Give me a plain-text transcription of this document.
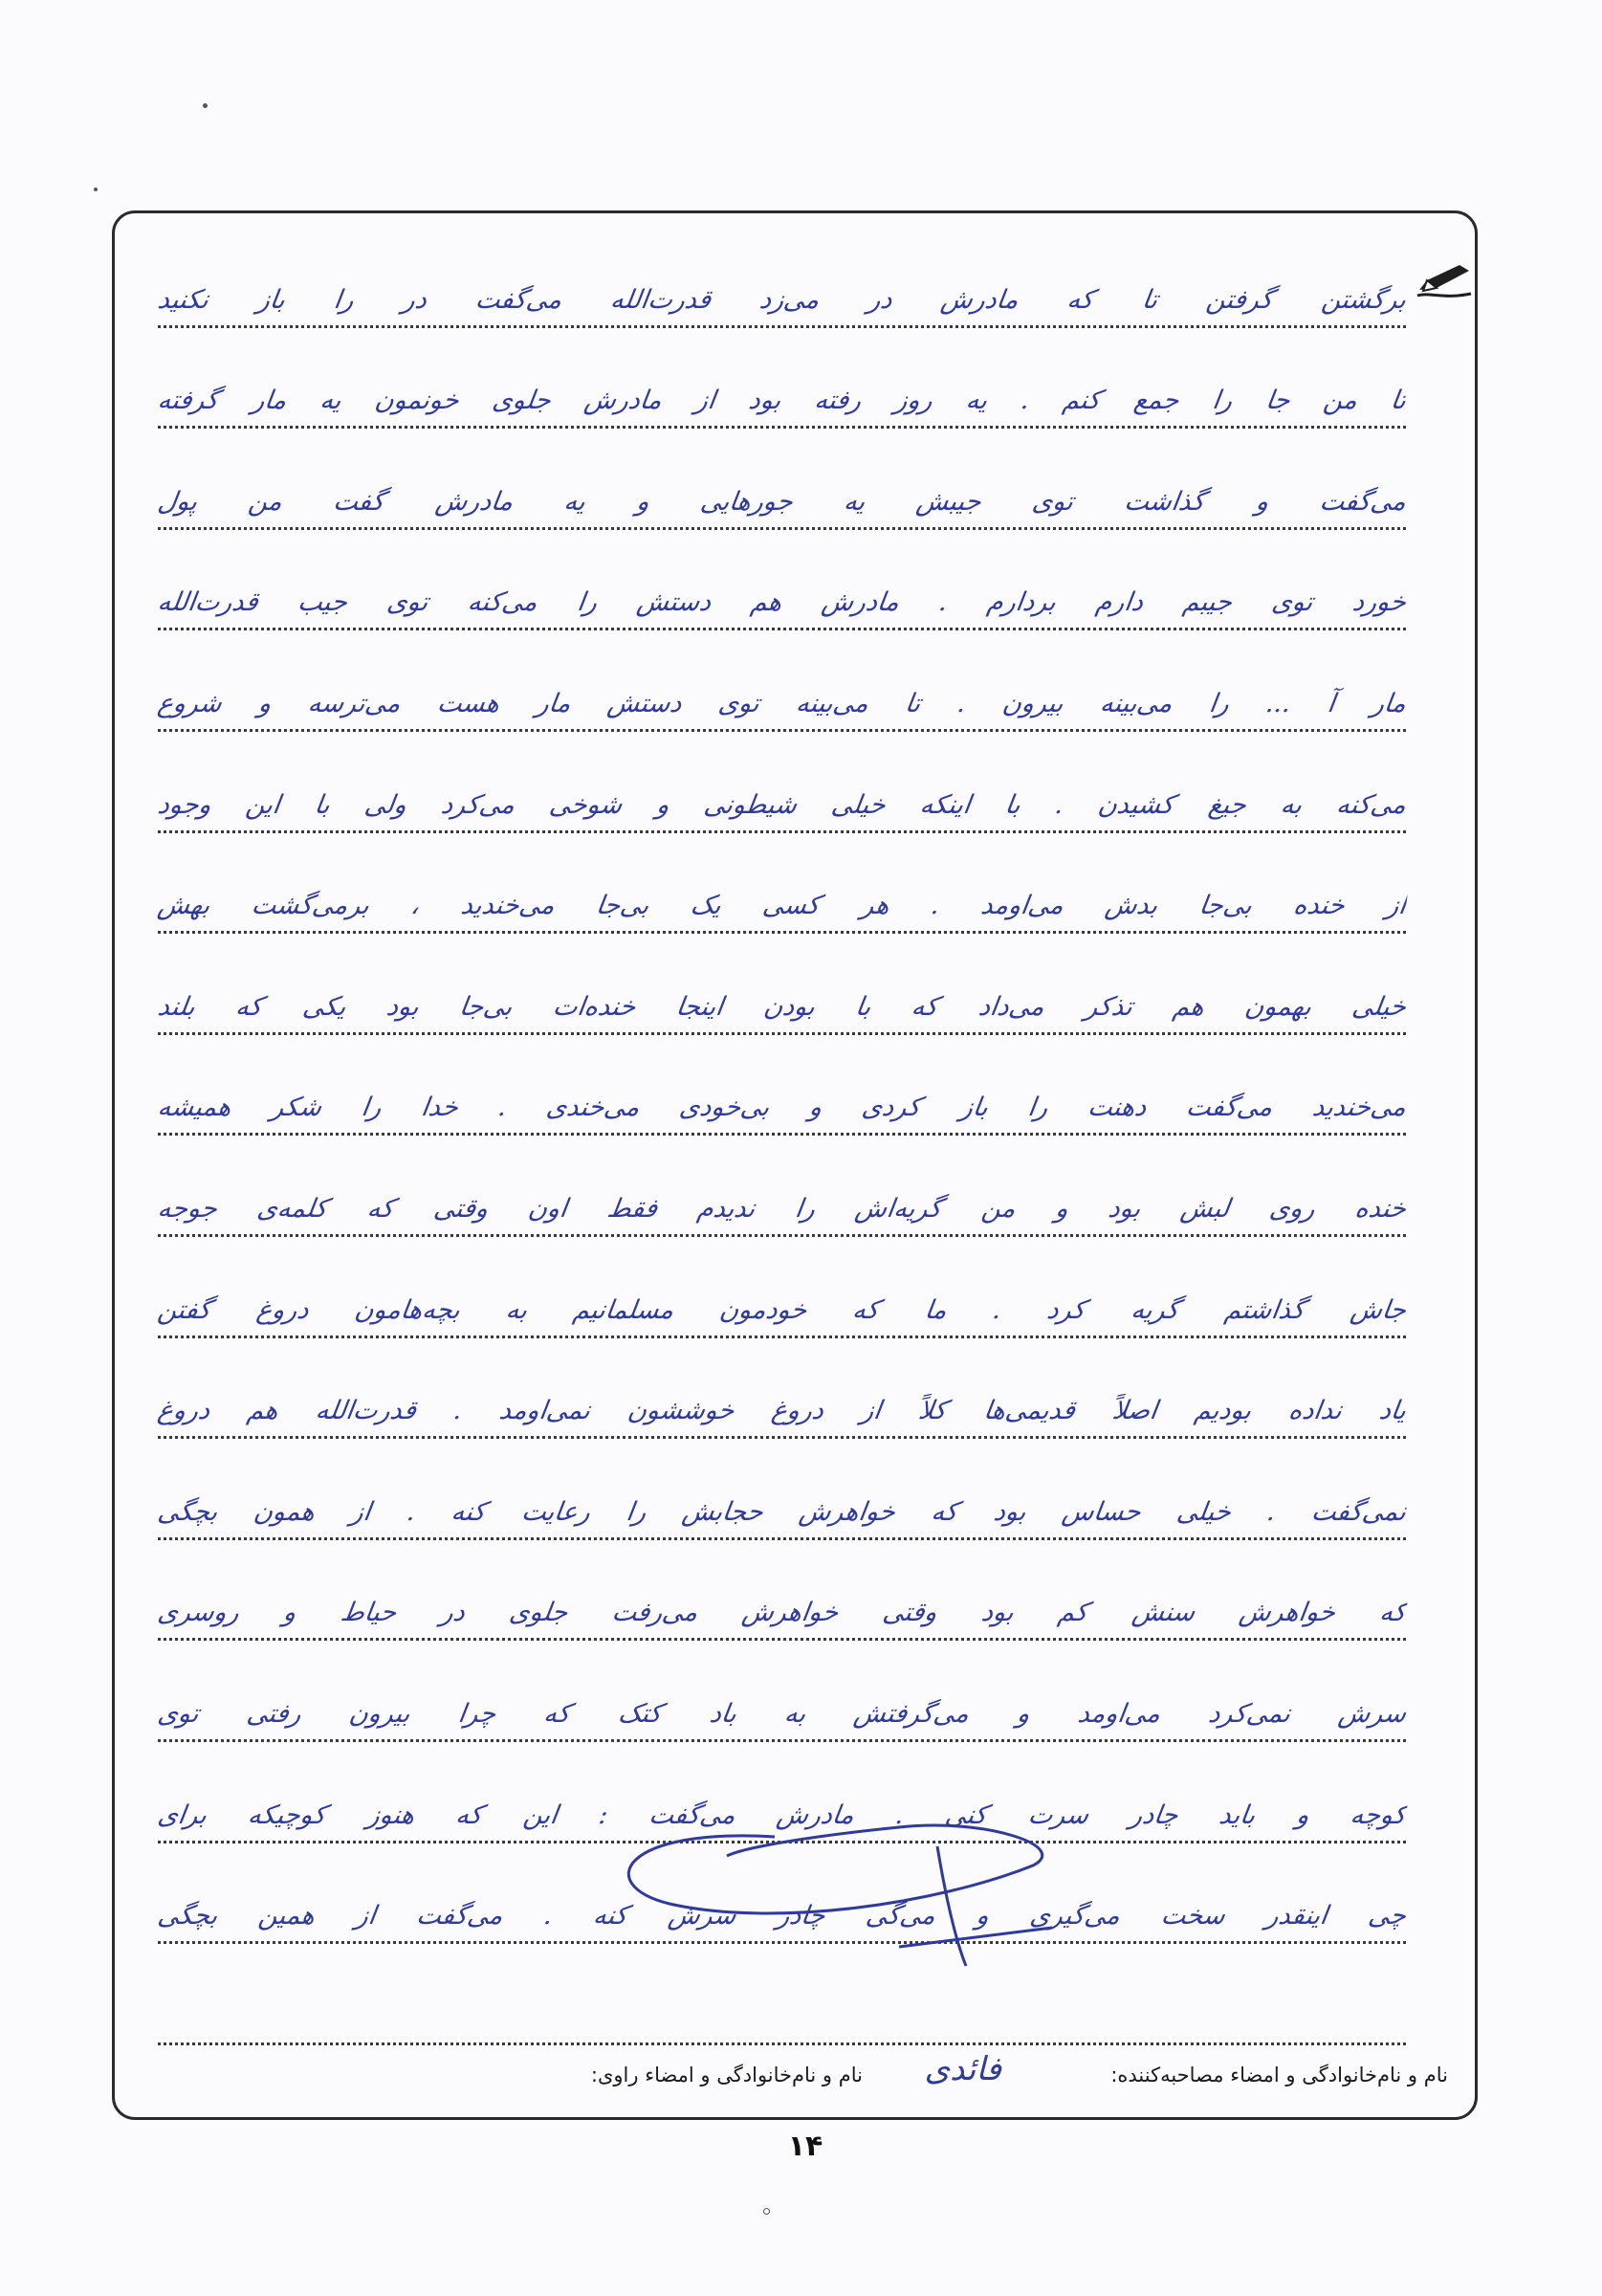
برگشتن گرفتن تا که مادرش در می‌زد قدرت‌الله می‌گفت در را باز نکنید
تا من جا را جمع کنم . یه روز رفته بود از مادرش جلوی خونمون یه مار گرفته
می‌گفت و گذاشت توی جیبش یه جورهایی و یه مادرش گفت من پول
خورد توی جیبم دارم بردارم . مادرش هم دستش را می‌کنه توی جیب قدرت‌الله
مار آ ... را می‌بینه بیرون . تا می‌بینه توی دستش مار هست می‌ترسه و شروع
می‌کنه به جیغ کشیدن . با اینکه خیلی شیطونی و شوخی می‌کرد ولی با این وجود
از خنده بی‌جا بدش می‌اومد . هر کسی یک‌ بی‌جا می‌خندید ، برمی‌گشت بهش
خیلی بهمون هم تذکر می‌داد که با بودن اینجا خنده‌ات بی‌جا بود یکی که بلند
می‌خندید می‌گفت دهنت را باز کردی و بی‌خودی می‌خندی . خدا را شکر همیشه
خنده روی لبش بود و من گریه‌اش را ندیدم فقط اون وقتی که کلمه‌ی جوجه
جاش گذاشتم گریه کرد . ما که خودمون مسلمانیم به بچه‌هامون دروغ گفتن
یاد نداده بودیم اصلاً قدیمی‌ها کلاً از دروغ خوششون نمی‌اومد . قدرت‌الله هم دروغ
نمی‌گفت . خیلی حساس بود که خواهرش حجابش را رعایت کنه . از همون بچگی
که خواهرش سنش کم بود وقتی خواهرش می‌رفت جلوی در حیاط و روسری
سرش نمی‌کرد می‌اومد و می‌گرفتش به باد کتک که چرا بیرون رفتی توی
کوچه و باید چادر سرت کنی . مادرش می‌گفت : این که هنوز کوچیکه برای
چی اینقدر سخت می‌گیری و می‌گی چادر سرش کنه . می‌گفت از همین بچگی
نام و نام‌خانوادگی و امضاء مصاحبه‌کننده:
فائدی
نام و نام‌خانوادگی و امضاء راوی:
۱۴
